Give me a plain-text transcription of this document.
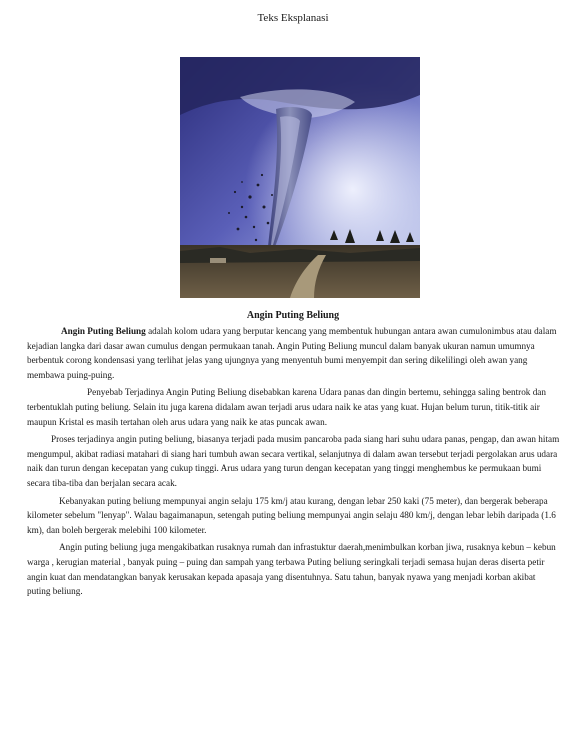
Teks Eksplanasi
Angin Puting Beliung

Angin Puting Beliung adalah kolom udara yang berputar kencang yang membentuk hubungan antara awan cumulonimbus atau dalam kejadian langka dari dasar awan cumulus dengan permukaan tanah. Angin Puting Beliung muncul dalam banyak ukuran namun umumnya berbentuk corong kondensasi yang terlihat jelas yang ujungnya yang menyentuh bumi menyempit dan sering dikelilingi oleh awan yang membawa puing-puing.

Penyebab Terjadinya Angin Puting Beliung disebabkan karena Udara panas dan dingin bertemu, sehingga saling bentrok dan terbentuklah puting beliung. Selain itu juga karena didalam awan terjadi arus udara naik ke atas yang kuat. Hujan belum turun, titik-titik air maupun Kristal es masih tertahan oleh arus udara yang naik ke atas puncak awan.

Proses terjadinya angin puting beliung, biasanya terjadi pada musim pancaroba pada siang hari suhu udara panas, pengap, dan awan hitam mengumpul, akibat radiasi matahari di siang hari tumbuh awan secara vertikal, selanjutnya di dalam awan tersebut terjadi pergolakan arus udara naik dan turun dengan kecepatan yang cukup tinggi. Arus udara yang turun dengan kecepatan yang tinggi menghembus ke permukaan bumi secara tiba-tiba dan berjalan secara acak.

Kebanyakan puting beliung mempunyai angin selaju 175 km/j atau kurang, dengan lebar 250 kaki (75 meter), dan bergerak beberapa kilometer sebelum "lenyap". Walau bagaimanapun, setengah puting beliung mempunyai angin selaju 480 km/j, dengan lebar lebih daripada (1.6 km), dan boleh bergerak melebihi 100 kilometer.

Angin puting beliung juga mengakibatkan rusaknya rumah dan infrastuktur daerah,menimbulkan korban jiwa, rusaknya kebun – kebun warga , kerugian material , banyak puing – puing dan sampah yang terbawa Puting beliung seringkali terjadi semasa hujan deras diserta petir angin kuat dan mendatangkan banyak kerusakan kepada apasaja yang disentuhnya. Satu tahun, banyak nyawa yang menjadi korban akibat puting beliung.
